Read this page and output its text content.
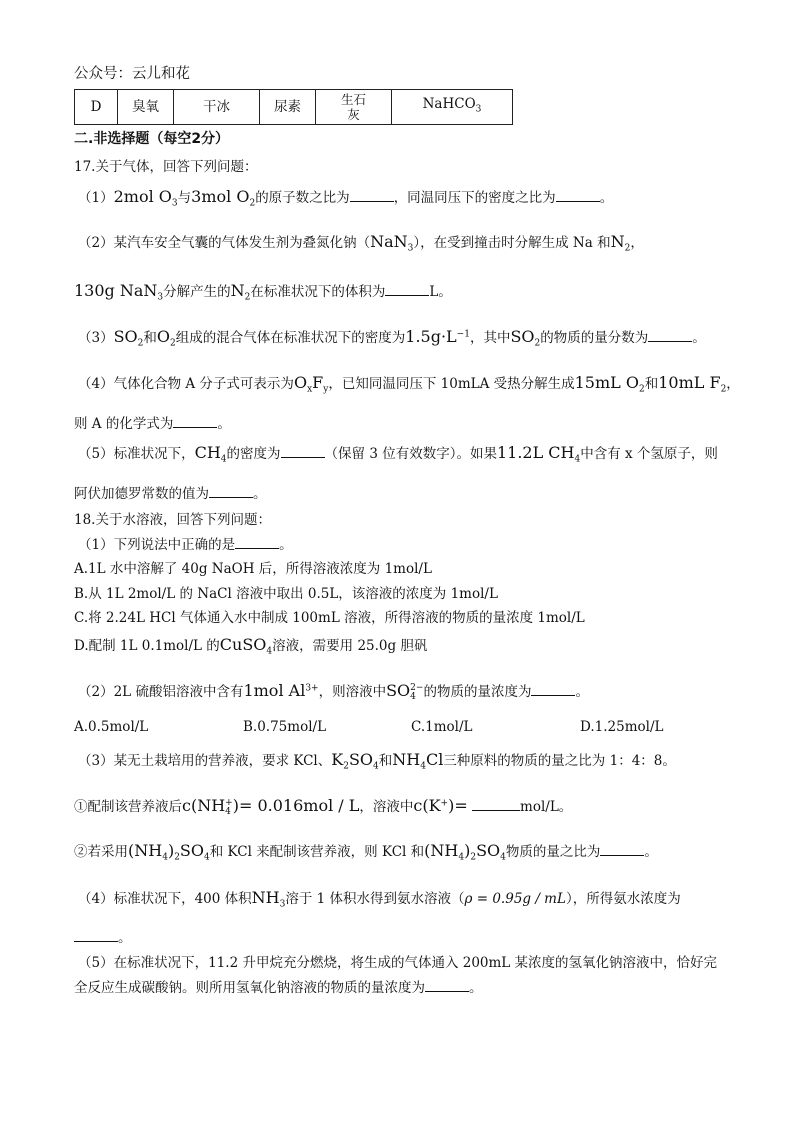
公众号：云儿和花
D	臭氧	干冰	尿素	生石灰	NaHCO$_3$
二.非选择题（每空2分）
17.关于气体，回答下列问题：
（1）2mol $O_3$与3mol $O_2$的原子数之比为	，同温同压下的密度之比为	。
（2）某汽车安全气囊的气体发生剂为叠氮化钠（NaN$_3$），在受到撞击时分解生成 Na 和$N_2$，
130g NaN$_3$分解产生的$N_2$在标准状况下的体积为	L。
$(3)SO_2$和$O_2$组成的混合气体在标准状况下的密度为$1.5g\cdot L^{-1}$，其中$SO_2$的物质的量分数为	。
（4）气体化合物 A 分子式可表示为$O_xF_y$，已知同温同压下 10mLA 受热分解生成15mL $O_2$和10mL $F_2$，
则 A 的化学式为	。
（5）标准状况下，$CH_4$的密度为	（保留 3 位有效数字）。如果11.2L $CH_4$中含有 x 个氢原子，则
阿伏加德罗常数的值为	。
18.关于水溶液，回答下列问题：
（1）下列说法中正确的是	。
A.1L 水中溶解了 40g NaOH 后，所得溶液浓度为 1mol/L
B.从 1L 2mol/L 的 NaCl 溶液中取出 0.5L，该溶液的浓度为 1mol/L
C.将 2.24L HCl 气体通入水中制成 100mL 溶液，所得溶液的物质的量浓度 1mol/L
D.配制 1L 0.1mol/L 的CuSO$_4$溶液，需要用 25.0g 胆矾
（2）2L 硫酸铝溶液中含有1mol $Al^{3+}$，则溶液中SO 2−
4 的物质的量浓度为	。
A.0.5mol/L	B.0.75mol/L	C.1mol/L	D.1.25mol/L
（3）某无土栽培用的营养液，要求 KCl、$K_2SO_4$和$NH_4Cl$三种原料的物质的量之比为 1：4：8。
①配制该营养液后c(NH +
4 )= 0.016mol / L，溶液中c(K+)=	mol/L。
②若采用$(NH_4)_2SO_4$和 KCl 来配制该营养液，则 KCl 和$(NH_4)_2SO_4$物质的量之比为	。
（4）标准状况下，400 体积$NH_3$溶于 1 体积水得到氨水溶液（ρ = 0.95g / mL），所得氨水浓度为
。
（5）在标准状况下，11.2 升甲烷充分燃烧，将生成的气体通入 200mL 某浓度的氢氧化钠溶液中，恰好完
全反应生成碳酸钠。则所用氢氧化钠溶液的物质的量浓度为	。
